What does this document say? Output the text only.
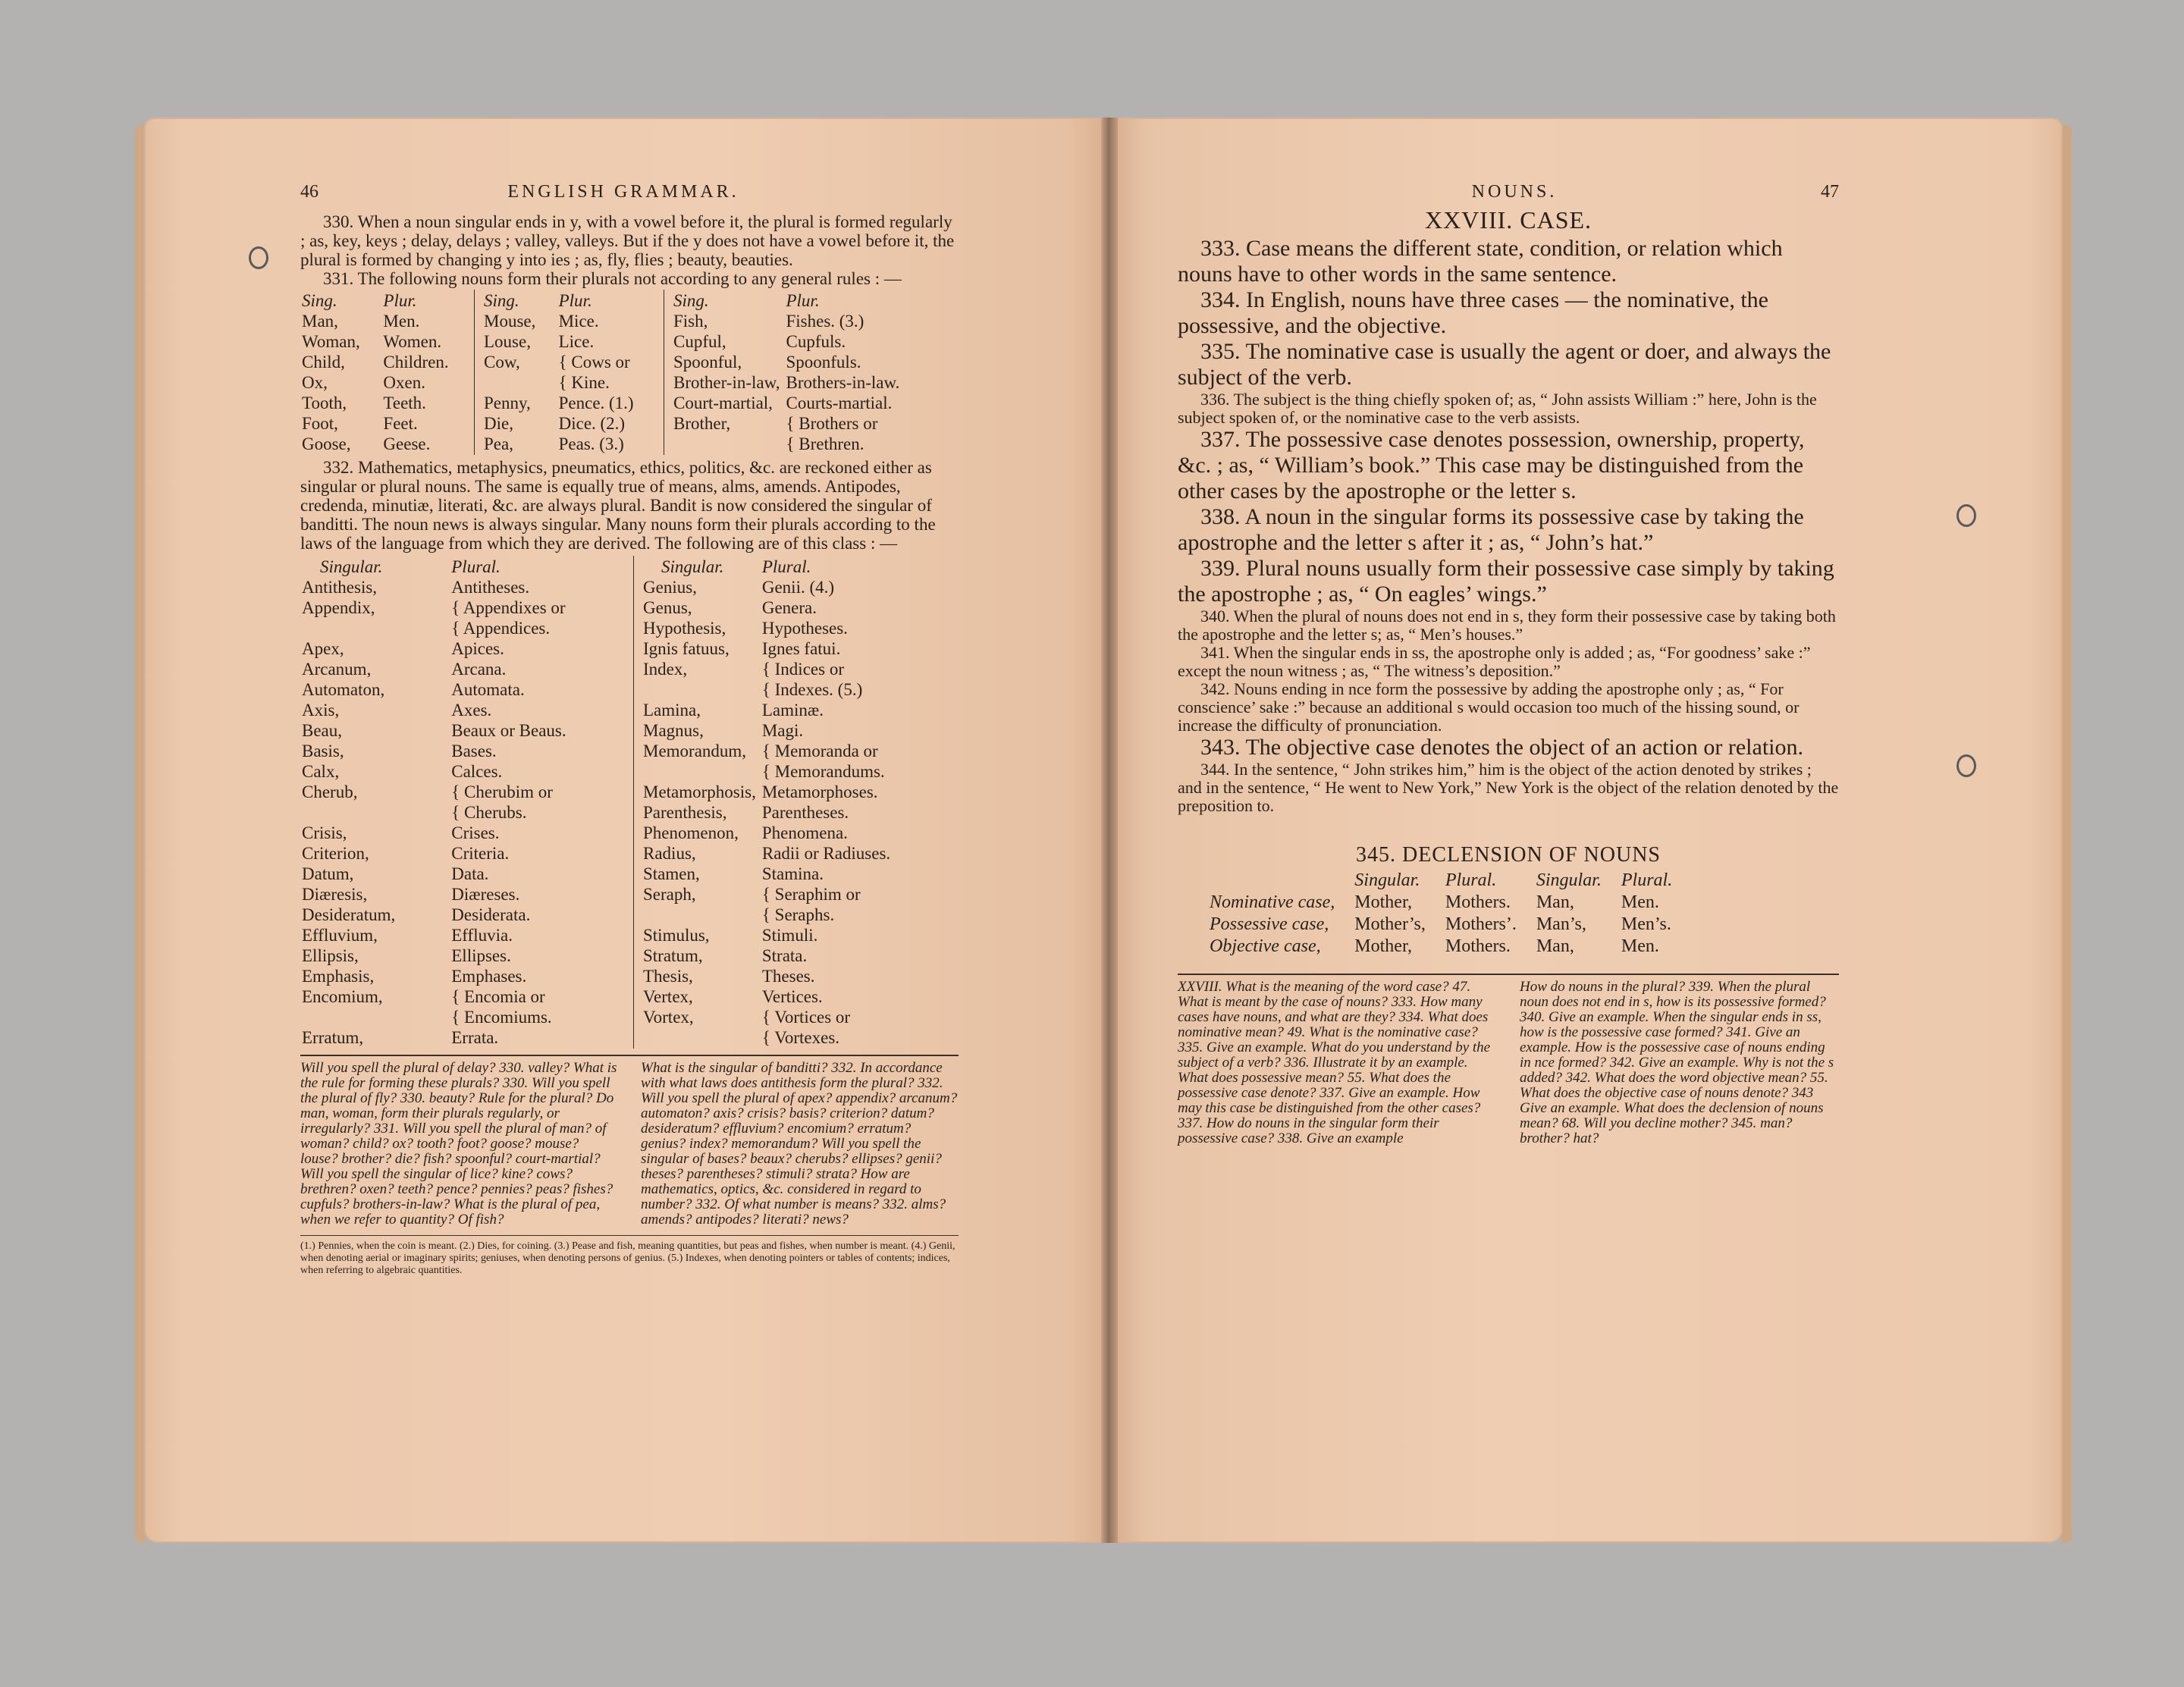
46	ENGLISH GRAMMAR.

330. When a noun singular ends in y, with a vowel before it, the plural is formed regularly ; as, key, keys ; delay, delays ; valley, valleys. But if the y does not have a vowel before it, the plural is formed by changing y into ies ; as, fly, flies ; beauty, beauties.

331. The following nouns form their plurals not according to any general rules : —

Sing.	Plur.
Man,	Men.
Woman,	Women.
Child,	Children.
Ox,	Oxen.
Tooth,	Teeth.
Foot,	Feet.
Goose,	Geese.
Sing.	Plur.
Mouse,	Mice.
Louse,	Lice.
Cow,	{ Cows or
	{ Kine.
Penny,	Pence. (1.)
Die,	Dice. (2.)
Pea,	Peas. (3.)
Sing.	Plur.
Fish,	Fishes. (3.)
Cupful,	Cupfuls.
Spoonful,	Spoonfuls.
Brother-in-law,	Brothers-in-law.
Court-martial,	Courts-martial.
Brother,	{ Brothers or
	{ Brethren.

332. Mathematics, metaphysics, pneumatics, ethics, politics, &c. are reckoned either as singular or plural nouns. The same is equally true of means, alms, amends. Antipodes, credenda, minutiæ, literati, &c. are always plural. Bandit is now considered the singular of banditti. The noun news is always singular. Many nouns form their plurals according to the laws of the language from which they are derived. The following are of this class : —

Singular.	Plural.
Antithesis,	Antitheses.
Appendix,	{ Appendixes or
	{ Appendices.
Apex,	Apices.
Arcanum,	Arcana.
Automaton,	Automata.
Axis,	Axes.
Beau,	Beaux or Beaus.
Basis,	Bases.
Calx,	Calces.
Cherub,	{ Cherubim or
	{ Cherubs.
Crisis,	Crises.
Criterion,	Criteria.
Datum,	Data.
Diæresis,	Diæreses.
Desideratum,	Desiderata.
Effluvium,	Effluvia.
Ellipsis,	Ellipses.
Emphasis,	Emphases.
Encomium,	{ Encomia or
	{ Encomiums.
Erratum,	Errata.
Singular.	Plural.
Genius,	Genii. (4.)
Genus,	Genera.
Hypothesis,	Hypotheses.
Ignis fatuus,	Ignes fatui.
Index,	{ Indices or
	{ Indexes. (5.)
Lamina,	Laminæ.
Magnus,	Magi.
Memorandum,	{ Memoranda or
	{ Memorandums.
Metamorphosis,	Metamorphoses.
Parenthesis,	Parentheses.
Phenomenon,	Phenomena.
Radius,	Radii or Radiuses.
Stamen,	Stamina.
Seraph,	{ Seraphim or
	{ Seraphs.
Stimulus,	Stimuli.
Stratum,	Strata.
Thesis,	Theses.
Vertex,	Vertices.
Vortex,	{ Vortices or
	{ Vortexes.
Will you spell the plural of delay? 330. valley? What is the rule for forming these plurals? 330. Will you spell the plural of fly? 330. beauty? Rule for the plural? Do man, woman, form their plurals regularly, or irregularly? 331. Will you spell the plural of man? of woman? child? ox? tooth? foot? goose? mouse? louse? brother? die? fish? spoonful? court-martial? Will you spell the singular of lice? kine? cows? brethren? oxen? teeth? pence? pennies? peas? fishes? cupfuls? brothers-in-law? What is the plural of pea, when we refer to quantity? Of fish?
What is the singular of banditti? 332. In accordance with what laws does antithesis form the plural? 332. Will you spell the plural of apex? appendix? arcanum? automaton? axis? crisis? basis? criterion? datum? desideratum? effluvium? encomium? erratum? genius? index? memorandum? Will you spell the singular of bases? beaux? cherubs? ellipses? genii? theses? parentheses? stimuli? strata? How are mathematics, optics, &c. considered in regard to number? 332. Of what number is means? 332. alms? amends? antipodes? literati? news?
(1.) Pennies, when the coin is meant. (2.) Dies, for coining. (3.) Pease and fish, meaning quantities, but peas and fishes, when number is meant. (4.) Genii, when denoting aerial or imaginary spirits; geniuses, when denoting persons of genius. (5.) Indexes, when denoting pointers or tables of contents; indices, when referring to algebraic quantities.
NOUNS.	47
XXVIII. CASE.

333. Case means the different state, condition, or relation which nouns have to other words in the same sentence.

334. In English, nouns have three cases — the nominative, the possessive, and the objective.

335. The nominative case is usually the agent or doer, and always the subject of the verb.

336. The subject is the thing chiefly spoken of; as, “ John assists William :” here, John is the subject spoken of, or the nominative case to the verb assists.

337. The possessive case denotes possession, ownership, property, &c. ; as, “ William’s book.” This case may be distinguished from the other cases by the apostrophe or the letter s.

338. A noun in the singular forms its possessive case by taking the apostrophe and the letter s after it ; as, “ John’s hat.”

339. Plural nouns usually form their possessive case simply by taking the apostrophe ; as, “ On eagles’ wings.”

340. When the plural of nouns does not end in s, they form their possessive case by taking both the apostrophe and the letter s; as, “ Men’s houses.”

341. When the singular ends in ss, the apostrophe only is added ; as, “For goodness’ sake :” except the noun witness ; as, “ The witness’s deposition.”

342. Nouns ending in nce form the possessive by adding the apostrophe only ; as, “ For conscience’ sake :” because an additional s would occasion too much of the hissing sound, or increase the difficulty of pronunciation.

343. The objective case denotes the object of an action or relation.

344. In the sentence, “ John strikes him,” him is the object of the action denoted by strikes ; and in the sentence, “ He went to New York,” New York is the object of the relation denoted by the preposition to.

345. DECLENSION OF NOUNS
	Singular.	Plural.	Singular.	Plural.
Nominative case,	Mother,	Mothers.	Man,	Men.
Possessive case,	Mother’s,	Mothers’.	Man’s,	Men’s.
Objective case,	Mother,	Mothers.	Man,	Men.
XXVIII. What is the meaning of the word case? 47. What is meant by the case of nouns? 333. How many cases have nouns, and what are they? 334. What does nominative mean? 49. What is the nominative case? 335. Give an example. What do you understand by the subject of a verb? 336. Illustrate it by an example. What does possessive mean? 55. What does the possessive case denote? 337. Give an example. How may this case be distinguished from the other cases? 337. How do nouns in the singular form their possessive case? 338. Give an example
How do nouns in the plural? 339. When the plural noun does not end in s, how is its possessive formed? 340. Give an example. When the singular ends in ss, how is the possessive case formed? 341. Give an example. How is the possessive case of nouns ending in nce formed? 342. Give an example. Why is not the s added? 342. What does the word objective mean? 55. What does the objective case of nouns denote? 343 Give an example. What does the declension of nouns mean? 68. Will you decline mother? 345. man? brother? hat?
